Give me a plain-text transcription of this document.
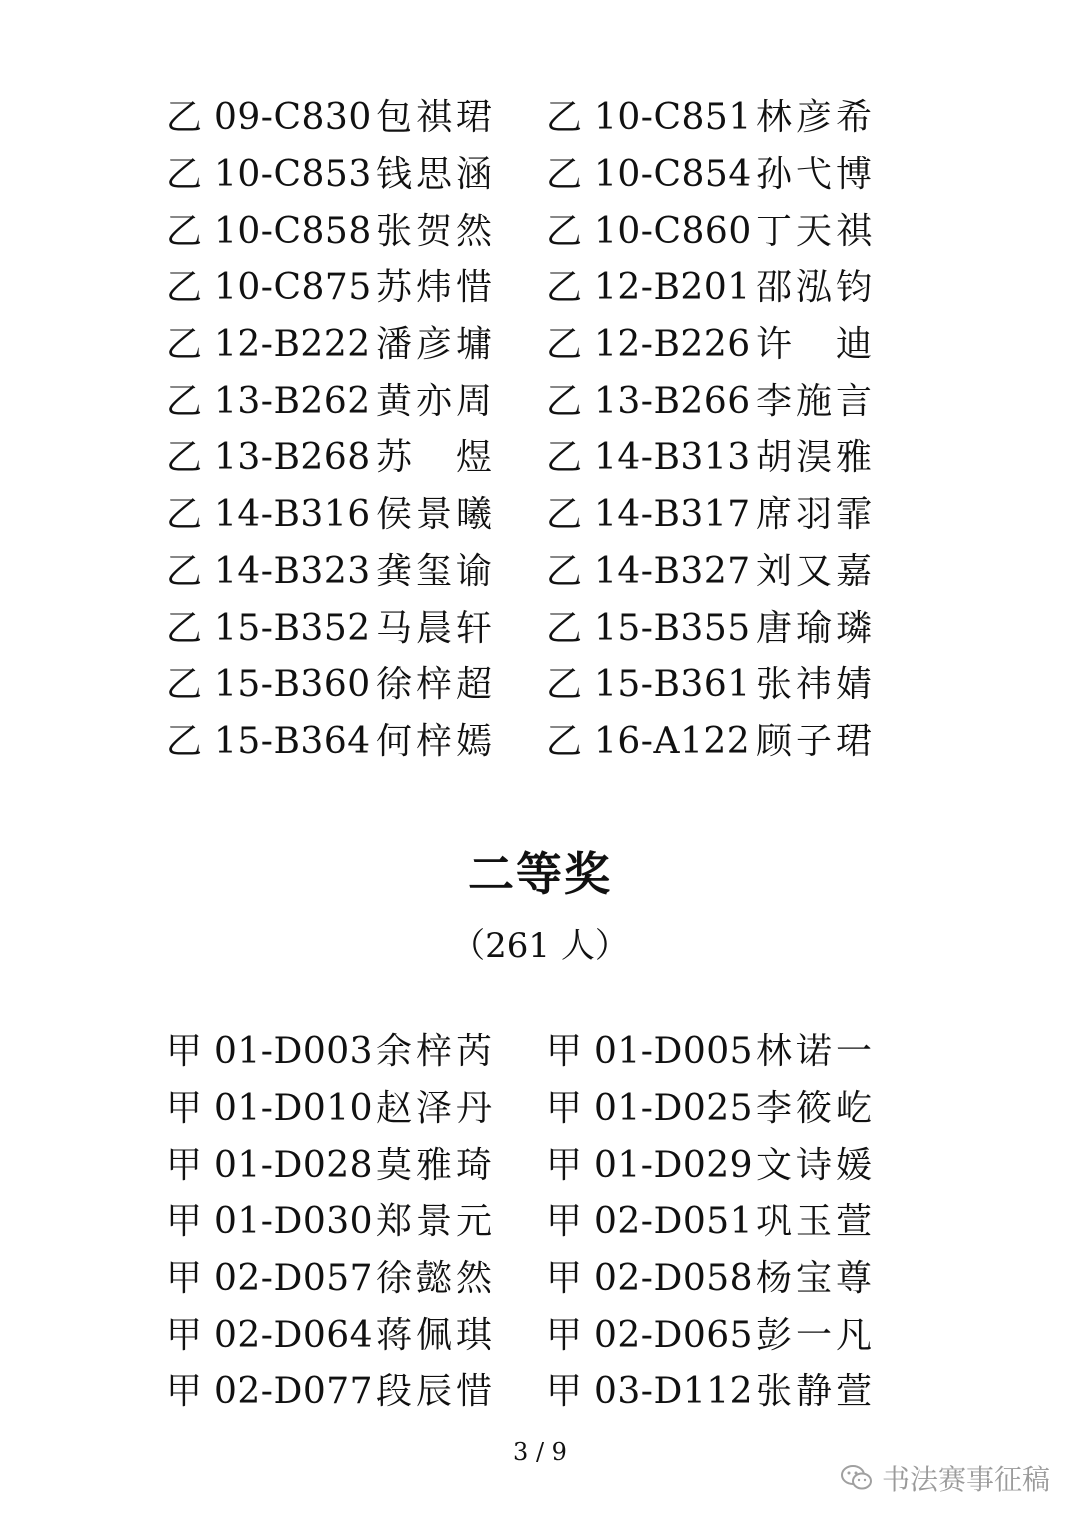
乙 09-C830 包祺珺 乙 10-C851 林彦希
乙 10-C853 钱思涵 乙 10-C854 孙弋博
乙 10-C858 张贺然 乙 10-C860 丁天祺
乙 10-C875 苏炜惜 乙 12-B201 邵泓钧
乙 12-B222 潘彦墉 乙 12-B226 许迪
乙 13-B262 黄亦周 乙 13-B266 李施言
乙 13-B268 苏煜 乙 14-B313 胡淏雅
乙 14-B316 侯景曦 乙 14-B317 席羽霏
乙 14-B323 龚玺谕 乙 14-B327 刘又嘉
乙 15-B352 马晨轩 乙 15-B355 唐瑜璘
乙 15-B360 徐梓超 乙 15-B361 张祎婧
乙 15-B364 何梓嫣 乙 16-A122 顾子珺
二等奖
（261 人）
甲 01-D003 余梓芮 甲 01-D005 林诺一
甲 01-D010 赵泽丹 甲 01-D025 李筱屹
甲 01-D028 莫雅琦 甲 01-D029 文诗媛
甲 01-D030 郑景元 甲 02-D051 巩玉萱
甲 02-D057 徐懿然 甲 02-D058 杨宝尊
甲 02-D064 蒋佩琪 甲 02-D065 彭一凡
甲 02-D077 段辰惜 甲 03-D112 张静萱
3 / 9
书法赛事征稿
